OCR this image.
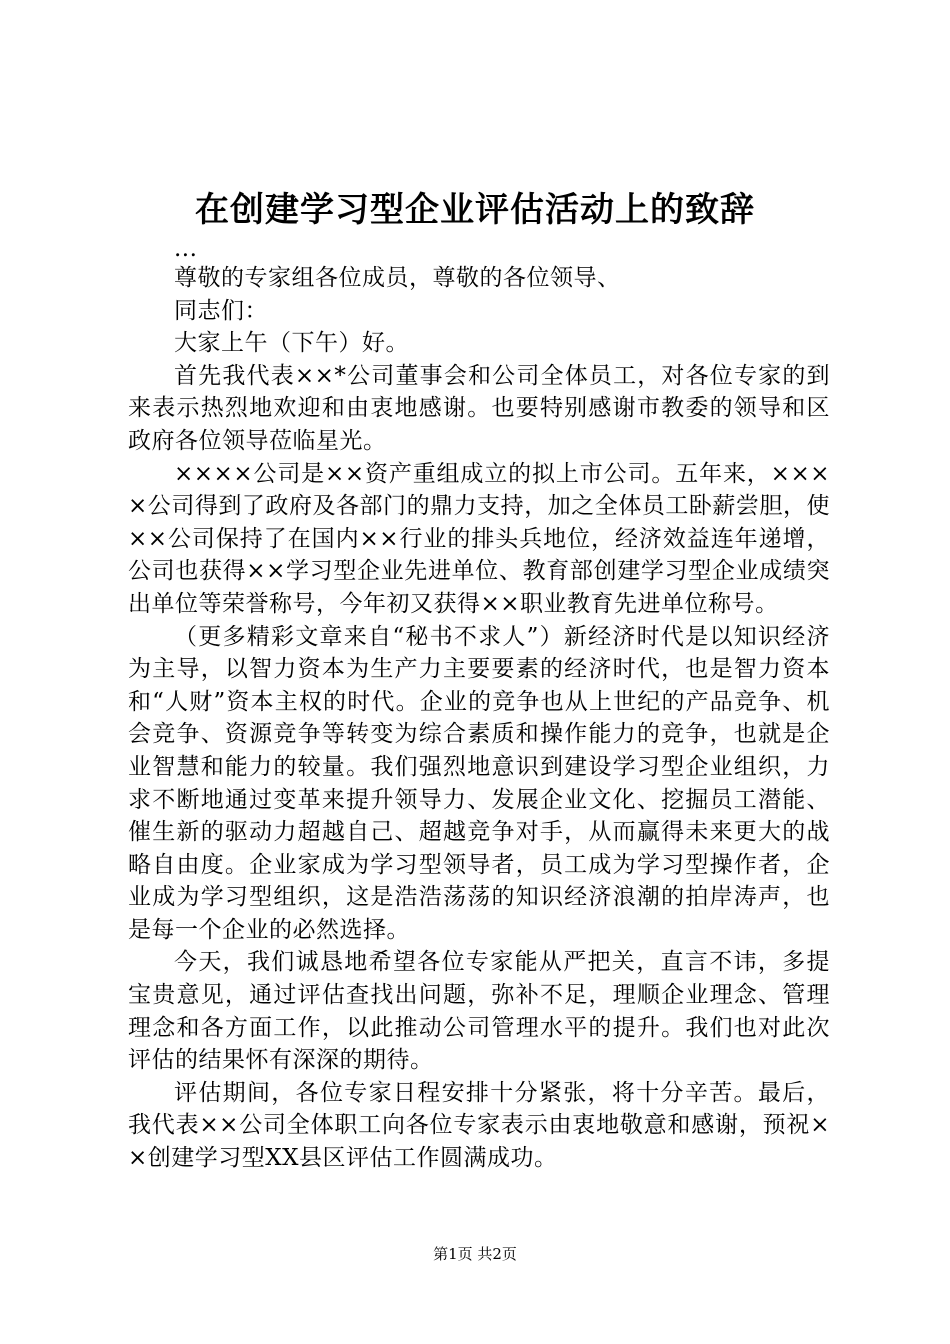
在创建学习型企业评估活动上的致辞

...

尊敬的专家组各位成员，尊敬的各位领导、

同志们：

大家上午（下午）好。

首先我代表××*公司董事会和公司全体员工，对各位专家的到来表示热烈地欢迎和由衷地感谢。也要特别感谢市教委的领导和区政府各位领导莅临星光。

××××公司是××资产重组成立的拟上市公司。五年来，××××公司得到了政府及各部门的鼎力支持，加之全体员工卧薪尝胆，使××公司保持了在国内××行业的排头兵地位，经济效益连年递增，公司也获得××学习型企业先进单位、教育部创建学习型企业成绩突出单位等荣誉称号，今年初又获得××职业教育先进单位称号。

（更多精彩文章来自“秘书不求人”）新经济时代是以知识经济为主导，以智力资本为生产力主要要素的经济时代，也是智力资本和“人财”资本主权的时代。企业的竞争也从上世纪的产品竞争、机会竞争、资源竞争等转变为综合素质和操作能力的竞争，也就是企业智慧和能力的较量。我们强烈地意识到建设学习型企业组织，力求不断地通过变革来提升领导力、发展企业文化、挖掘员工潜能、催生新的驱动力超越自己、超越竞争对手，从而赢得未来更大的战略自由度。企业家成为学习型领导者，员工成为学习型操作者，企业成为学习型组织，这是浩浩荡荡的知识经济浪潮的拍岸涛声，也是每一个企业的必然选择。

今天，我们诚恳地希望各位专家能从严把关，直言不讳，多提宝贵意见，通过评估查找出问题，弥补不足，理顺企业理念、管理理念和各方面工作，以此推动公司管理水平的提升。我们也对此次评估的结果怀有深深的期待。

评估期间，各位专家日程安排十分紧张，将十分辛苦。最后，我代表××公司全体职工向各位专家表示由衷地敬意和感谢，预祝××创建学习型XX县区评估工作圆满成功。

第1页 共2页
